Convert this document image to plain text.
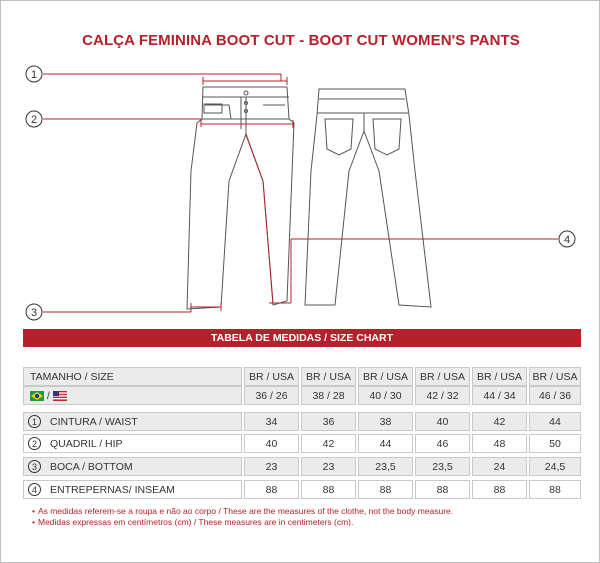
CALÇA FEMININA BOOT CUT - BOOT CUT WOMEN'S PANTS
1
2
3
4
TABELA DE MEDIDAS / SIZE CHART
TAMANHO / SIZE	BR / USA	BR / USA	BR / USA	BR / USA	BR / USA	BR / USA
/	36 / 26	38 / 28	40 / 30	42 / 32	44 / 34	46 / 36
1	CINTURA / WAIST	34	36	38	40	42	44
2	QUADRIL / HIP	40	42	44	46	48	50
3	BOCA / BOTTOM	23	23	23,5	23,5	24	24,5
4	ENTREPERNAS/ INSEAM	88	88	88	88	88	88
• As medidas referem-se a roupa e não ao corpo / These are the measures of the clothe, not the body measure.
• Medidas expressas em centímetros (cm) / These measures are in centimeters (cm).
